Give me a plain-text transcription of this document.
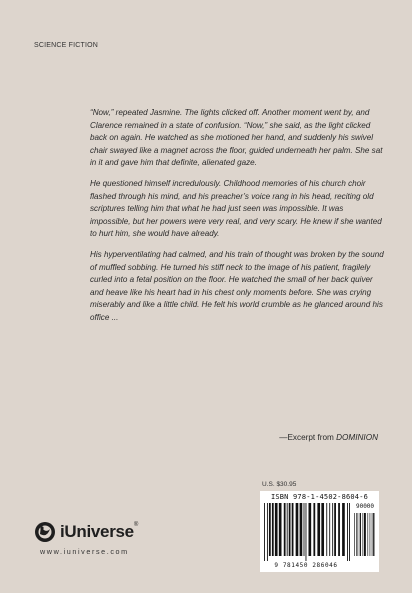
SCIENCE FICTION

“Now,” repeated Jasmine. The lights clicked off. Another moment went by, and Clarence remained in a state of confusion. “Now,” she said, as the light clicked back on again. He watched as she motioned her hand, and suddenly his swivel chair swayed like a magnet across the floor, guided underneath her palm. She sat in it and gave him that definite, alienated gaze.

He questioned himself incredulously. Childhood memories of his church choir flashed through his mind, and his preacher’s voice rang in his head, reciting old scriptures telling him that what he had just seen was impossible. It was impossible, but her powers were very real, and very scary. He knew if she wanted to hurt him, she would have already.

His hyperventilating had calmed, and his train of thought was broken by the sound of muffled sobbing. He turned his stiff neck to the image of his patient, fragilely curled into a fetal position on the floor. He watched the small of her back quiver and heave like his heart had in his chest only moments before. She was crying miserably and like a little child. He felt his world crumble as he glanced around his office ...

—Excerpt from DOMINION
U.S. $30.95
ISBN 978-1-4502-8604-6
90000
9 781450 286046
iUniverse®
www.iuniverse.com
